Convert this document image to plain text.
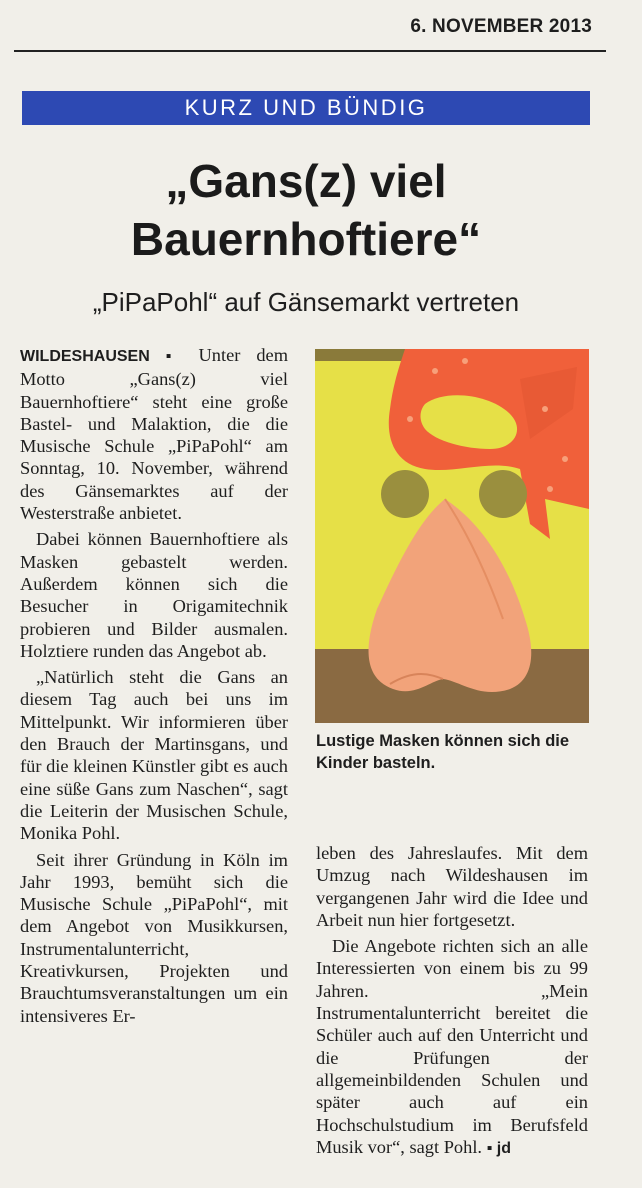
6. NOVEMBER 2013
KURZ UND BÜNDIG
„Gans(z) viel
Bauernhoftiere“
„PiPaPohl“ auf Gänsemarkt vertreten

WILDESHAUSEN ▪ Unter dem Motto „Gans(z) viel Bauernhoftiere“ steht eine große Bastel- und Malaktion, die die Musische Schule „PiPaPohl“ am Sonntag, 10. November, während des Gänsemarktes auf der Westerstraße anbietet.

Dabei können Bauernhoftiere als Masken gebastelt werden. Außerdem können sich die Besucher in Origamitechnik probieren und Bilder ausmalen. Holztiere runden das Angebot ab.

„Natürlich steht die Gans an diesem Tag auch bei uns im Mittelpunkt. Wir informieren über den Brauch der Martinsgans, und für die kleinen Künstler gibt es auch eine süße Gans zum Naschen“, sagt die Leiterin der Musischen Schule, Monika Pohl.

Seit ihrer Gründung in Köln im Jahr 1993, bemüht sich die Musische Schule „PiPaPohl“, mit dem Angebot von Musikkursen, Instrumentalunterricht, Kreativkursen, Projekten und Brauchtumsveranstaltungen um ein intensiveres Er-

Lustige Masken können sich die Kinder basteln.

leben des Jahreslaufes. Mit dem Umzug nach Wildeshausen im vergangenen Jahr wird die Idee und Arbeit nun hier fortgesetzt.

Die Angebote richten sich an alle Interessierten von einem bis zu 99 Jahren. „Mein Instrumentalunterricht bereitet die Schüler auch auf den Unterricht und die Prüfungen der allgemeinbildenden Schulen und später auch auf ein Hochschulstudium im Berufsfeld Musik vor“, sagt Pohl. ▪ jd
